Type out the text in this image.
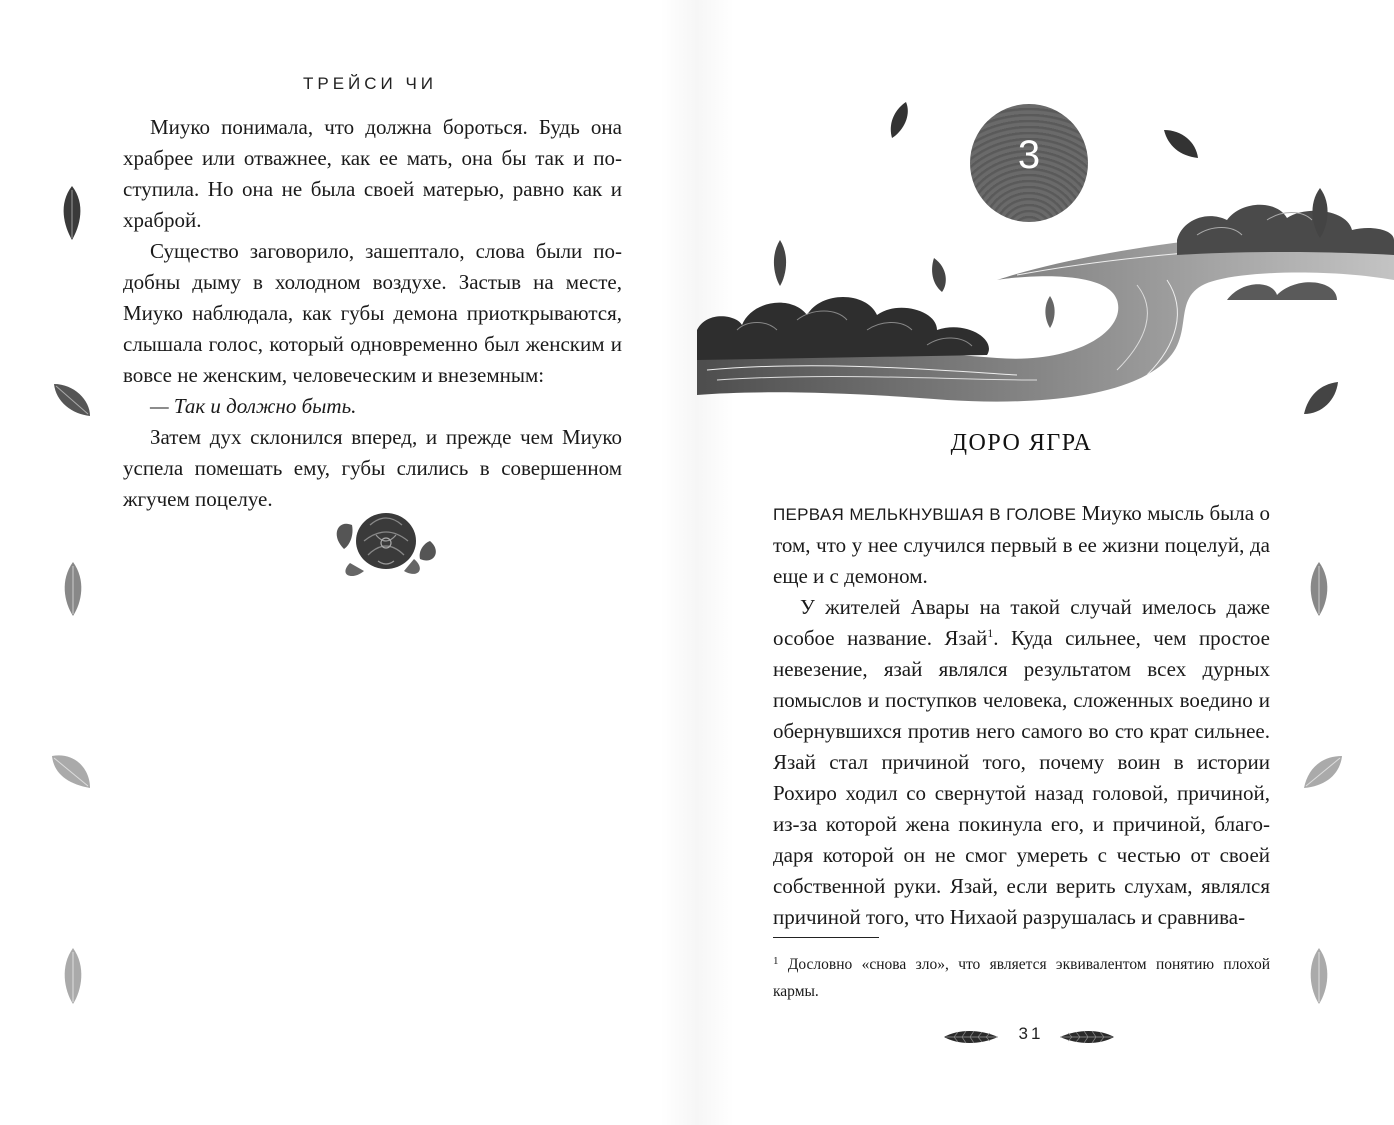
ТРЕЙСИ ЧИ

Миуко понимала, что должна бороться. Будь она храбрее или отважнее, как ее мать, она бы так и поступила. Но она не была своей матерью, равно как и храброй.

Существо заговорило, зашептало, слова были подобны дыму в холодном воздухе. Застыв на месте, Миуко наблюдала, как губы демона приоткрываются, слышала голос, который одновременно был женским и вовсе не женским, человеческим и внеземным:

— Так и должно быть.

Затем дух склонился вперед, и прежде чем Миуко успела помешать ему, губы слились в совершенном жгучем поцелуе.

3
ДОРО ЯГРА

ПЕРВАЯ МЕЛЬКНУВШАЯ В ГОЛОВЕ Миуко мысль была о том, что у нее случился первый в ее жизни поцелуй, да еще и с демоном.

У жителей Авары на такой случай имелось даже особое название. Язай$^1$. Куда сильнее, чем простое невезение, язай являлся результатом всех дурных помыслов и поступков человека, сложенных воедино и обернувшихся против него самого во сто крат сильнее. Язай стал причиной того, почему воин в истории Рохиро ходил со свернутой назад головой, причиной, из-за которой жена покинула его, и причиной, благодаря которой он не смог умереть с честью от своей собственной руки. Язай, если верить слухам, являлся причиной того, что Нихаой разрушалась и сравнива-

$^1$ Дословно «снова зло», что является эквивалентом понятию плохой кармы.
31
